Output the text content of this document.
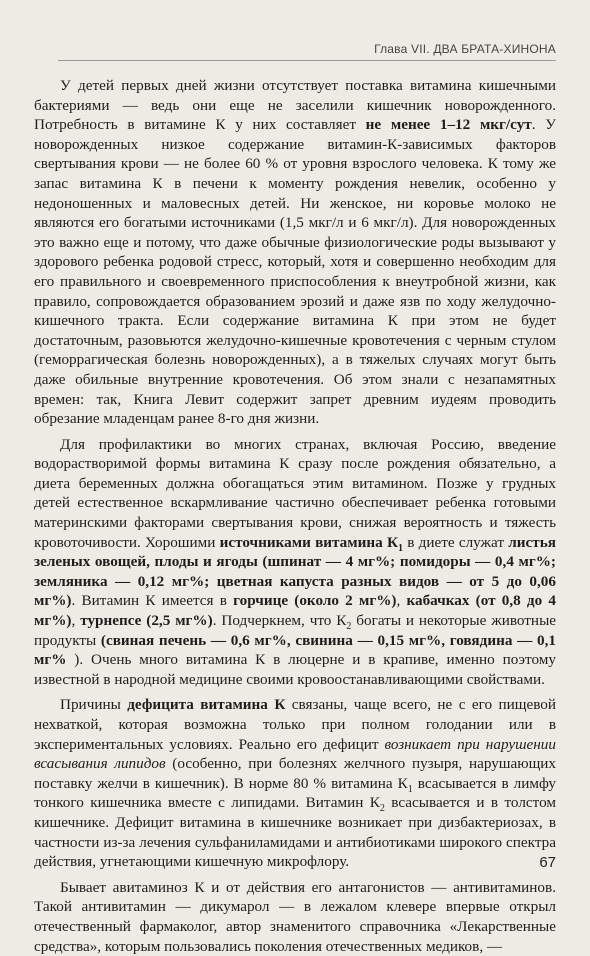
Глава VII. ДВА БРАТА-ХИНОНА

У детей первых дней жизни отсутствует поставка витамина кишечными бактериями — ведь они еще не заселили кишечник новорожденного. Потребность в витамине К у них составляет не менее 1–12 мкг/сут. У новорожденных низкое содержание витамин-К-зависимых факторов свертывания крови — не более 60 % от уровня взрослого человека. К тому же запас витамина К в печени к моменту рождения невелик, особенно у недоношенных и маловесных детей. Ни женское, ни коровье молоко не являются его богатыми источниками (1,5 мкг/л и 6 мкг/л). Для новорожденных это важно еще и потому, что даже обычные физиологические роды вызывают у здорового ребенка родовой стресс, который, хотя и совершенно необходим для его правильного и своевременного приспособления к внеутробной жизни, как правило, сопровождается образованием эрозий и даже язв по ходу желудочно-кишечного тракта. Если содержание витамина К при этом не будет достаточным, разовьются желудочно-кишечные кровотечения с черным стулом (геморрагическая болезнь новорожденных), а в тяжелых случаях могут быть даже обильные внутренние кровотечения. Об этом знали с незапамятных времен: так, Книга Левит содержит запрет древним иудеям проводить обрезание младенцам ранее 8-го дня жизни.

Для профилактики во многих странах, включая Россию, введение водорастворимой формы витамина К сразу после рождения обязательно, а диета беременных должна обогащаться этим витамином. Позже у грудных детей естественное вскармливание частично обеспечивает ребенка готовыми материнскими факторами свертывания крови, снижая вероятность и тяжесть кровоточивости. Хорошими источниками витамина $К_1$ в диете служат листья зеленых овощей, плоды и ягоды (шпинат — 4 мг%; помидоры — 0,4 мг%; земляника — 0,12 мг%; цветная капуста разных видов — от 5 до 0,06 мг%). Витамин К имеется в горчице (около 2 мг%), кабачках (от 0,8 до 4 мг%), турнепсе (2,5 мг%). Подчеркнем, что $К_2$ богаты и некоторые животные продукты (свиная печень — 0,6 мг%, свинина — 0,15 мг%, говядина — 0,1 мг% ). Очень много витамина К в люцерне и в крапиве, именно поэтому известной в народной медицине своими кровоостанавливающими свойствами.

Причины дефицита витамина К связаны, чаще всего, не с его пищевой нехваткой, которая возможна только при полном голодании или в экспериментальных условиях. Реально его дефицит возникает при нарушении всасывания липидов (особенно, при болезнях желчного пузыря, нарушающих поставку желчи в кишечник). В норме 80 % витамина $К_1$ всасывается в лимфу тонкого кишечника вместе с липидами. Витамин $К_2$ всасывается и в толстом кишечнике. Дефицит витамина в кишечнике возникает при дизбактериозах, в частности из-за лечения сульфаниламидами и антибиотиками широкого спектра действия, угнетающими кишечную микрофлору.

Бывает авитаминоз К и от действия его антагонистов — антивитаминов. Такой антивитамин — дикумарол — в лежалом клевере впервые открыл отечественный фармаколог, автор знаменитого справочника «Лекарственные средства», которым пользовались поколения отечественных медиков, —

67
